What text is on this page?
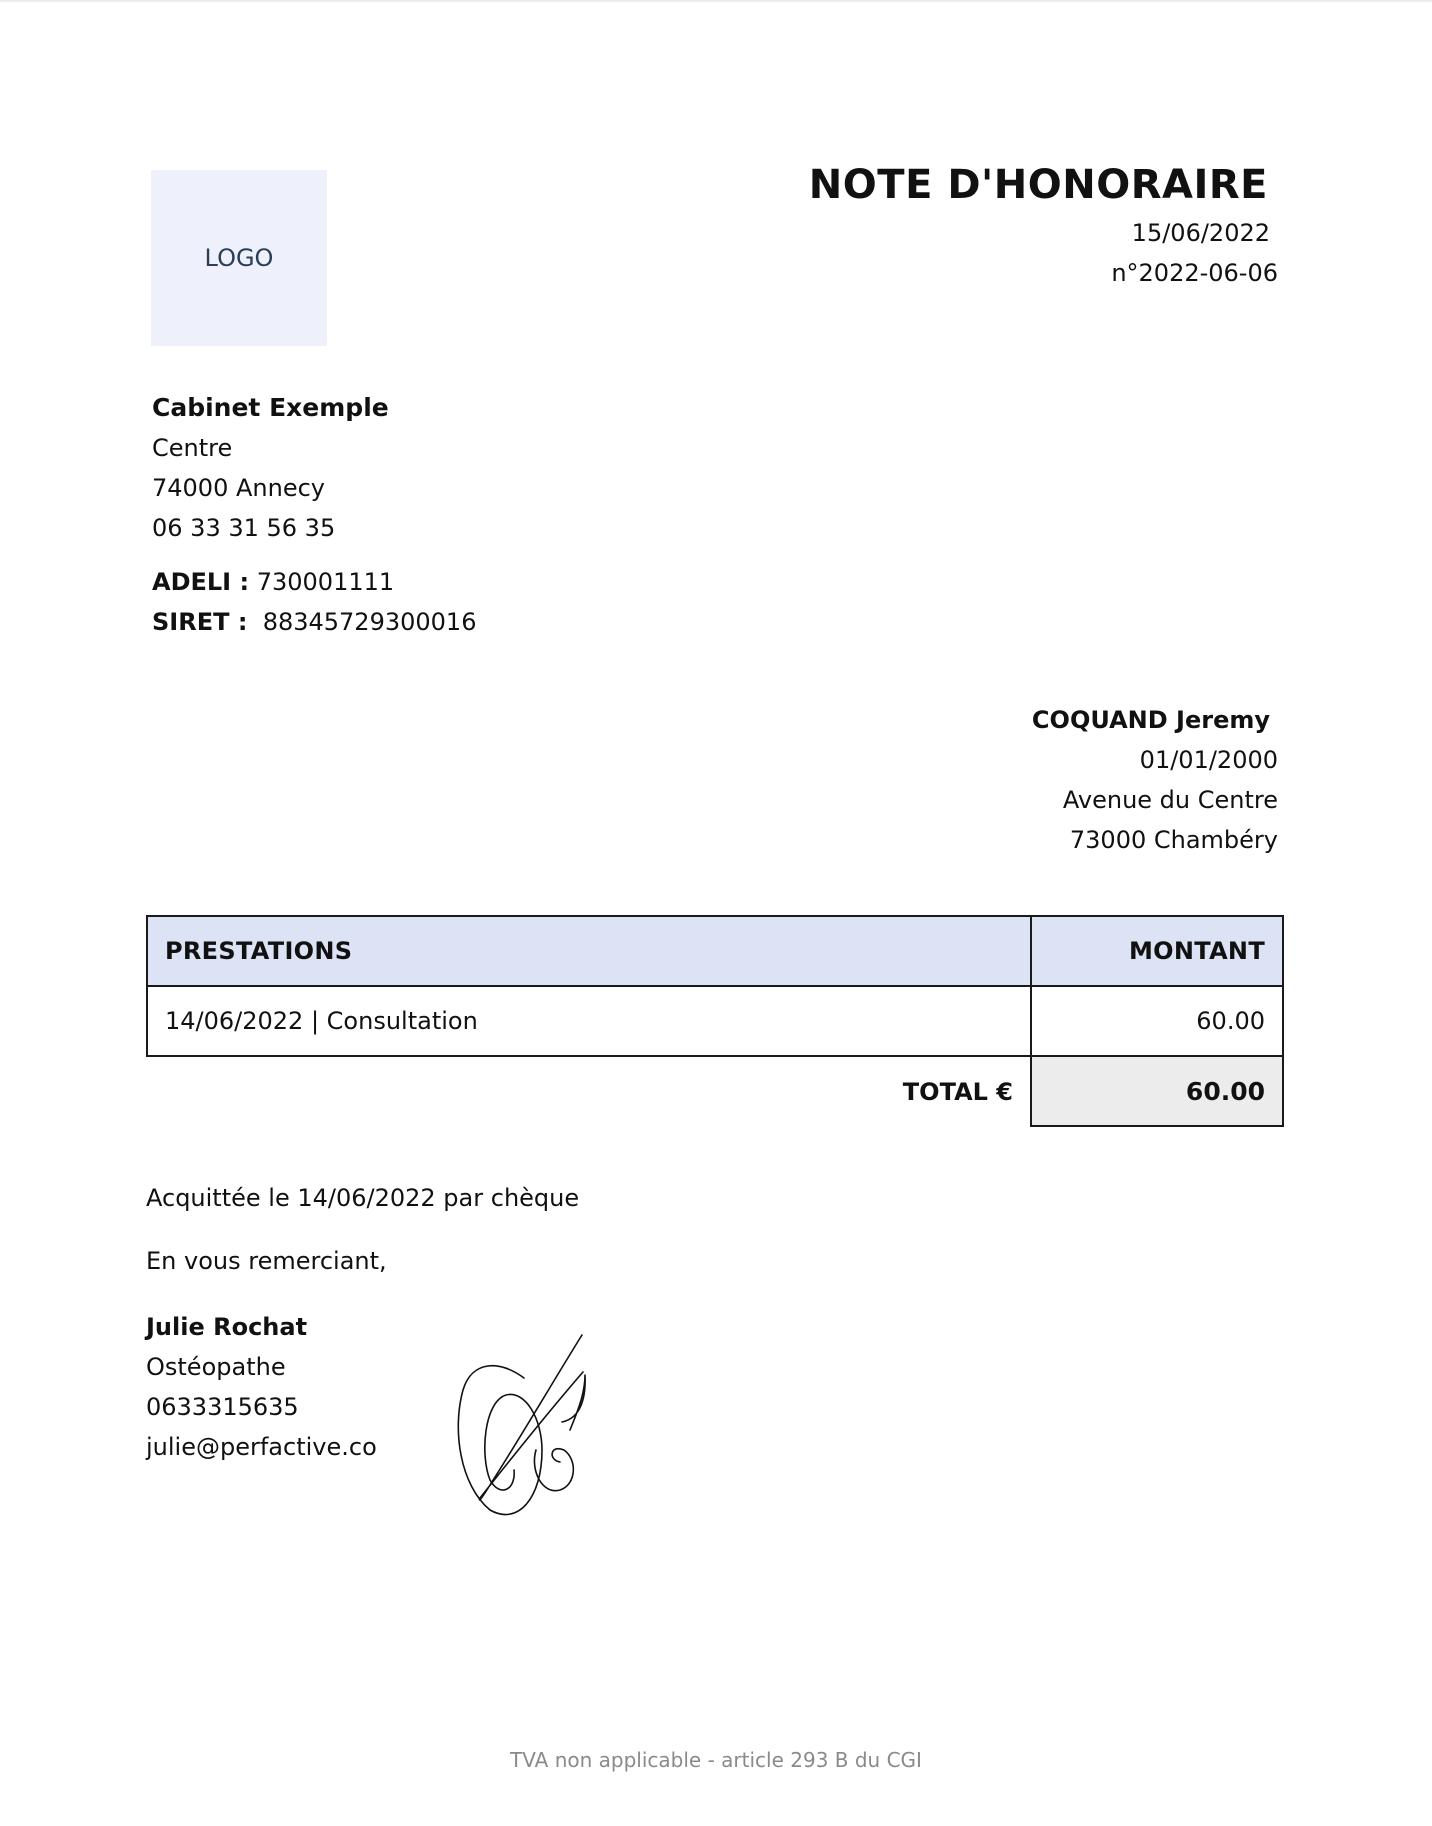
LOGO
NOTE D'HONORAIRE
15/06/2022
n°2022-06-06
Cabinet Exemple
Centre
74000 Annecy
06 33 31 56 35
ADELI : 730001111
SIRET : 88345729300016
COQUAND Jeremy
01/01/2000
Avenue du Centre
73000 Chambéry
PRESTATIONS	MONTANT
14/06/2022 | Consultation	60.00
TOTAL €	60.00
Acquittée le 14/06/2022 par chèque
En vous remerciant,
Julie Rochat
Ostéopathe
0633315635
julie@perfactive.co
TVA non applicable - article 293 B du CGI
